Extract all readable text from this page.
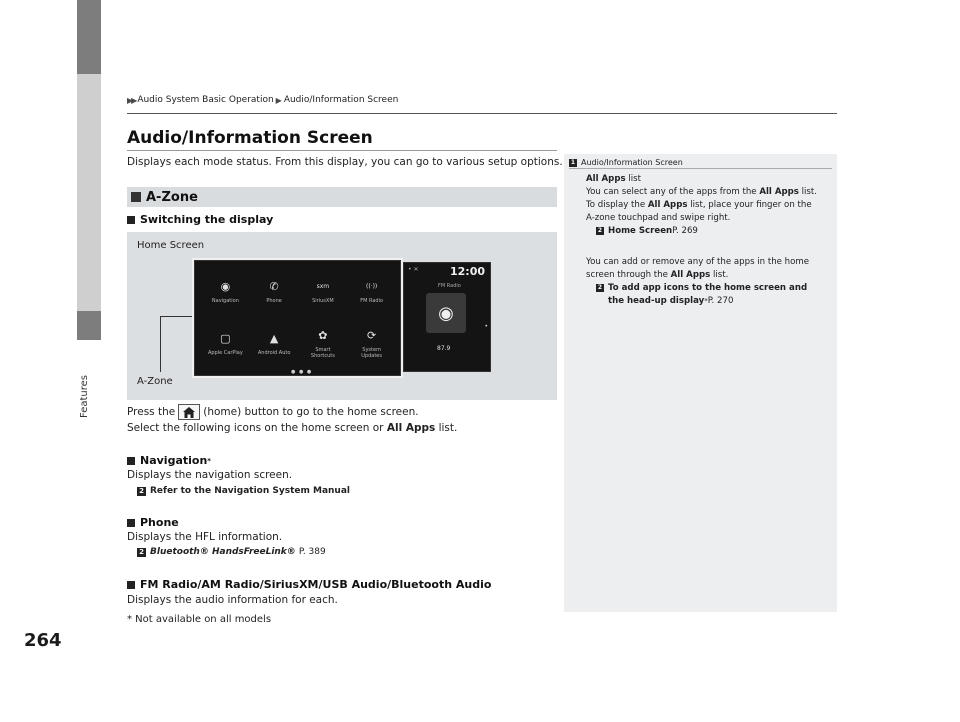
Features
264
▶▶ Audio System Basic Operation ▶ Audio/Information Screen
Audio/Information Screen
Displays each mode status. From this display, you can go to various setup options.
A-Zone
Switching the display
Home Screen
A-Zone
◉
Navigation
✆
Phone
sxm
SiriusXM
((·))
FM Radio
▢
Apple CarPlay
▲
Android Auto
✿
Smart
Shortcuts
⟳
System
Updates
● ● ●
• ✕	12:00
FM Radio
◉
87.9
•
Press the	(home) button to go to the home screen.
Select the following icons on the home screen or All Apps list.
Navigation *
Displays the navigation screen.
2 Refer to the Navigation System Manual
Phone
Displays the HFL information.
2 Bluetooth® HandsFreeLink® P. 389
FM Radio/AM Radio/SiriusXM/USB Audio/Bluetooth Audio
Displays the audio information for each.
1 Audio/Information Screen
All Apps list
You can select any of the apps from the All Apps list.
To display the All Apps list, place your finger on the
A-zone touchpad and swipe right.
2 Home Screen P. 269
You can add or remove any of the apps in the home
screen through the All Apps list.
2 To add app icons to the home screen and
the head-up display * P. 270
* Not available on all models
